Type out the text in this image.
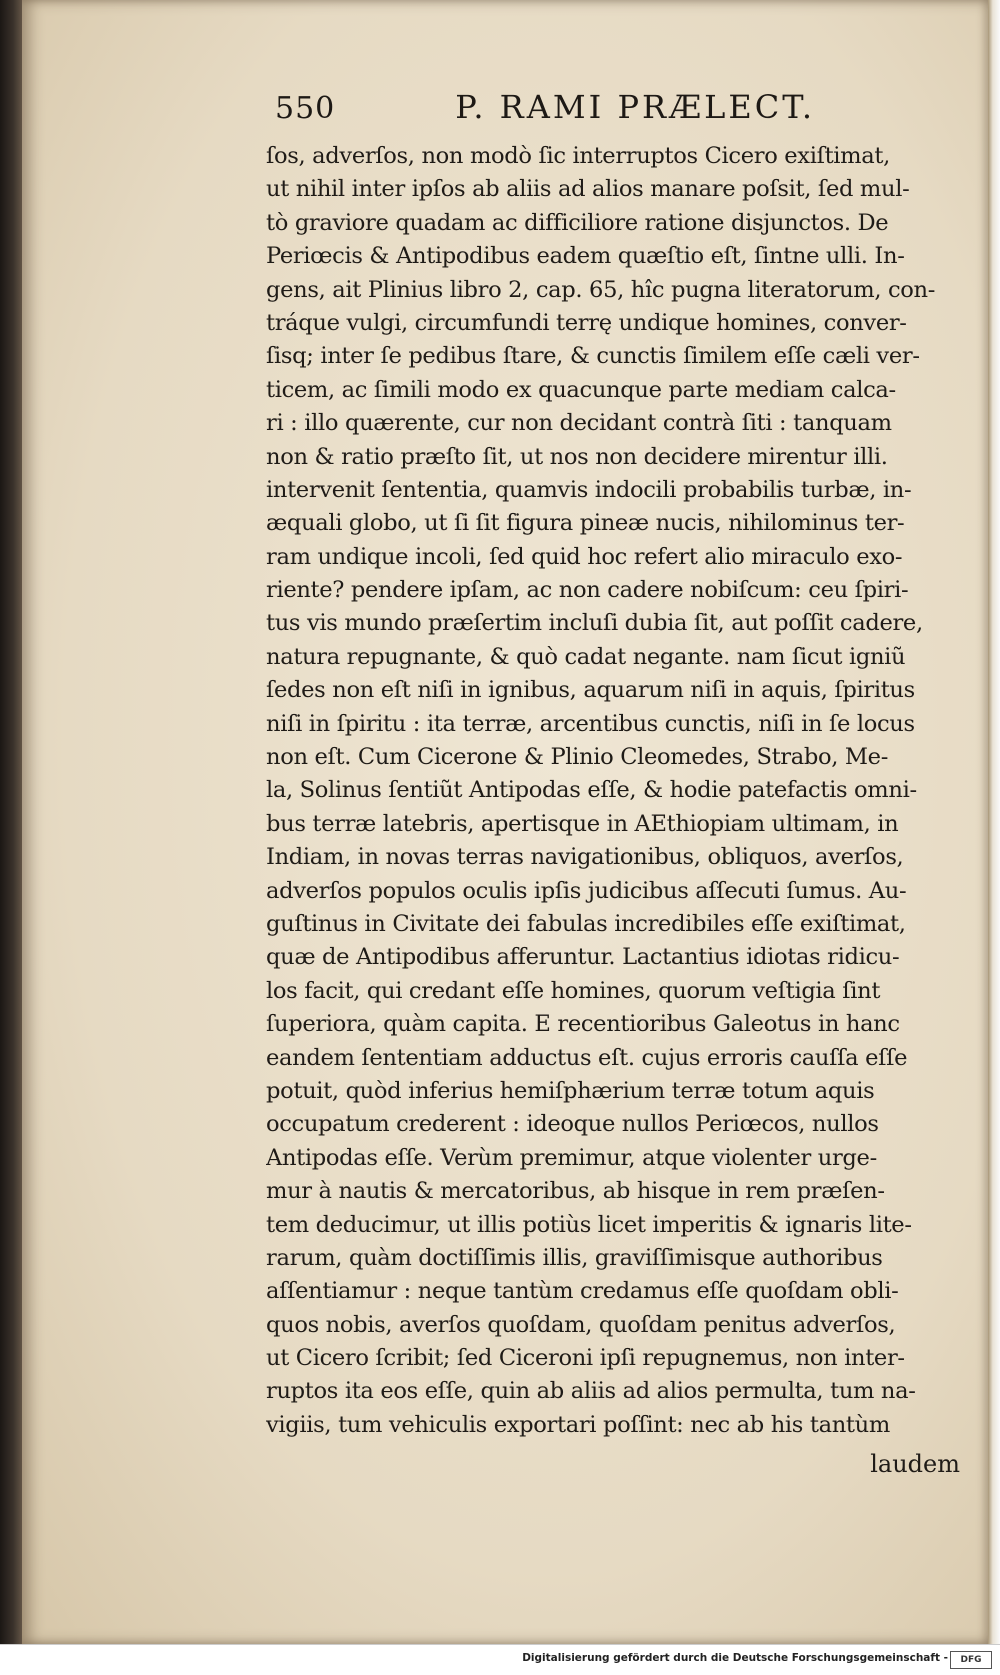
550	P. RAMI PRÆLECT.
ſos, adverſos, non modò ſic interruptos Cicero exiſtimat,
ut nihil inter ipſos ab aliis ad alios manare poſsit, ſed mul-
tò graviore quadam ac difficiliore ratione disjunctos. De
Periœcis & Antipodibus eadem quæſtio eſt, ſintne ulli. In-
gens, ait Plinius libro 2, cap. 65, hîc pugna literatorum, con-
tráque vulgi, circumfundi terrę undique homines, conver-
ſisq; inter ſe pedibus ſtare, & cunctis ſimilem eſſe cæli ver-
ticem, ac ſimili modo ex quacunque parte mediam calca-
ri : illo quærente, cur non decidant contrà ſiti : tanquam
non & ratio præſto ſit, ut nos non decidere mirentur illi.
intervenit ſententia, quamvis indocili probabilis turbæ, in-
æquali globo, ut ſi ſit figura pineæ nucis, nihilominus ter-
ram undique incoli, ſed quid hoc refert alio miraculo exo-
riente? pendere ipſam, ac non cadere nobiſcum: ceu ſpiri-
tus vis mundo præſertim incluſi dubia ſit, aut poſſit cadere,
natura repugnante, & quò cadat negante. nam ſicut igniũ
ſedes non eſt niſi in ignibus, aquarum niſi in aquis, ſpiritus
niſi in ſpiritu : ita terræ, arcentibus cunctis, niſi in ſe locus
non eſt. Cum Cicerone & Plinio Cleomedes, Strabo, Me-
la, Solinus ſentiũt Antipodas eſſe, & hodie patefactis omni-
bus terræ latebris, apertisque in AEthiopiam ultimam, in
Indiam, in novas terras navigationibus, obliquos, averſos,
adverſos populos oculis ipſis judicibus aſſecuti ſumus. Au-
guſtinus in Civitate dei fabulas incredibiles eſſe exiſtimat,
quæ de Antipodibus afferuntur. Lactantius idiotas ridicu-
los facit, qui credant eſſe homines, quorum veſtigia ſint
ſuperiora, quàm capita. E recentioribus Galeotus in hanc
eandem ſententiam adductus eſt. cujus erroris cauſſa eſſe
potuit, quòd inferius hemiſphærium terræ totum aquis
occupatum crederent : ideoque nullos Periœcos, nullos
Antipodas eſſe. Verùm premimur, atque violenter urge-
mur à nautis & mercatoribus, ab hisque in rem præſen-
tem deducimur, ut illis potiùs licet imperitis & ignaris lite-
rarum, quàm doctiſſimis illis, graviſſimisque authoribus
aſſentiamur : neque tantùm credamus eſſe quoſdam obli-
quos nobis, averſos quoſdam, quoſdam penitus adverſos,
ut Cicero ſcribit; ſed Ciceroni ipſi repugnemus, non inter-
ruptos ita eos eſſe, quin ab aliis ad alios permulta, tum na-
vigiis, tum vehiculis exportari poſſint: nec ab his tantùm
laudem
Digitalisierung gefördert durch die Deutsche Forschungsgemeinschaft -	DFG
